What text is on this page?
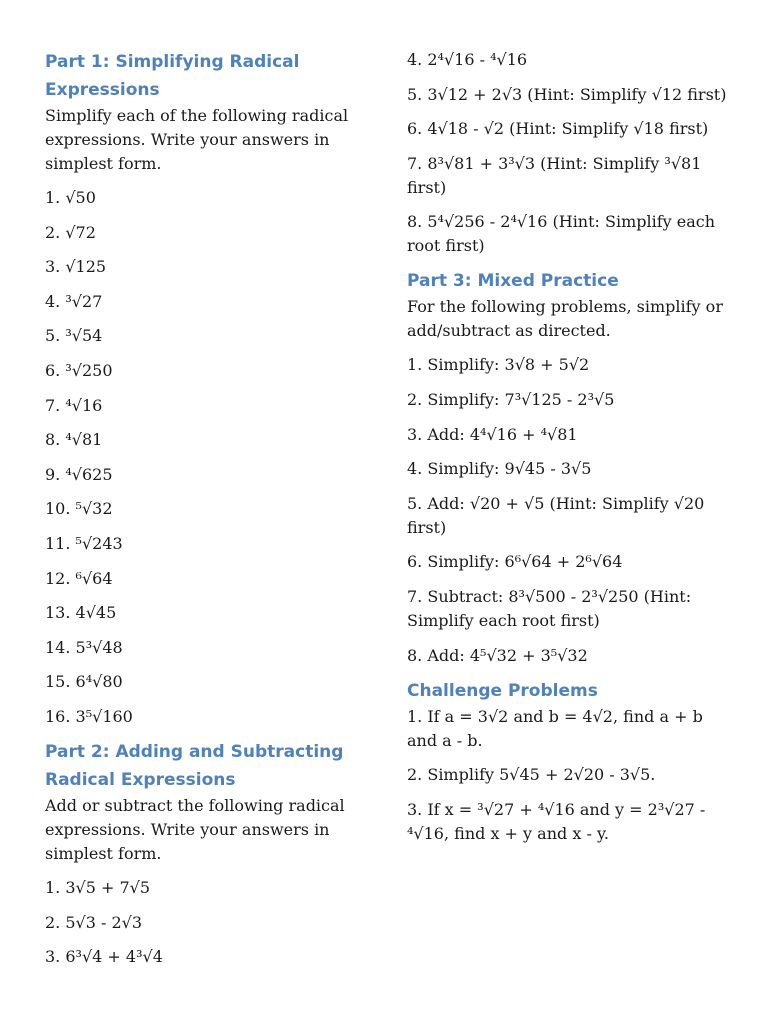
Part 1: Simplifying Radical Expressions

Simplify each of the following radical expressions. Write your answers in simplest form.

1. √50

2. √72

3. √125

4. ³√27

5. ³√54

6. ³√250

7. ⁴√16

8. ⁴√81

9. ⁴√625

10. ⁵√32

11. ⁵√243

12. ⁶√64

13. 4√45

14. 5³√48

15. 6⁴√80

16. 3⁵√160

Part 2: Adding and Subtracting Radical Expressions

Add or subtract the following radical expressions. Write your answers in simplest form.

1. 3√5 + 7√5

2. 5√3 - 2√3

3. 6³√4 + 4³√4

4. 2⁴√16 - ⁴√16

5. 3√12 + 2√3 (Hint: Simplify √12 first)

6. 4√18 - √2 (Hint: Simplify √18 first)

7. 8³√81 + 3³√3 (Hint: Simplify ³√81 first)

8. 5⁴√256 - 2⁴√16 (Hint: Simplify each root first)

Part 3: Mixed Practice

For the following problems, simplify or add/subtract as directed.

1. Simplify: 3√8 + 5√2

2. Simplify: 7³√125 - 2³√5

3. Add: 4⁴√16 + ⁴√81

4. Simplify: 9√45 - 3√5

5. Add: √20 + √5 (Hint: Simplify √20 first)

6. Simplify: 6⁶√64 + 2⁶√64

7. Subtract: 8³√500 - 2³√250 (Hint: Simplify each root first)

8. Add: 4⁵√32 + 3⁵√32

Challenge Problems

1. If a = 3√2 and b = 4√2, find a + b and a - b.

2. Simplify 5√45 + 2√20 - 3√5.

3. If x = ³√27 + ⁴√16 and y = 2³√27 - ⁴√16, find x + y and x - y.
